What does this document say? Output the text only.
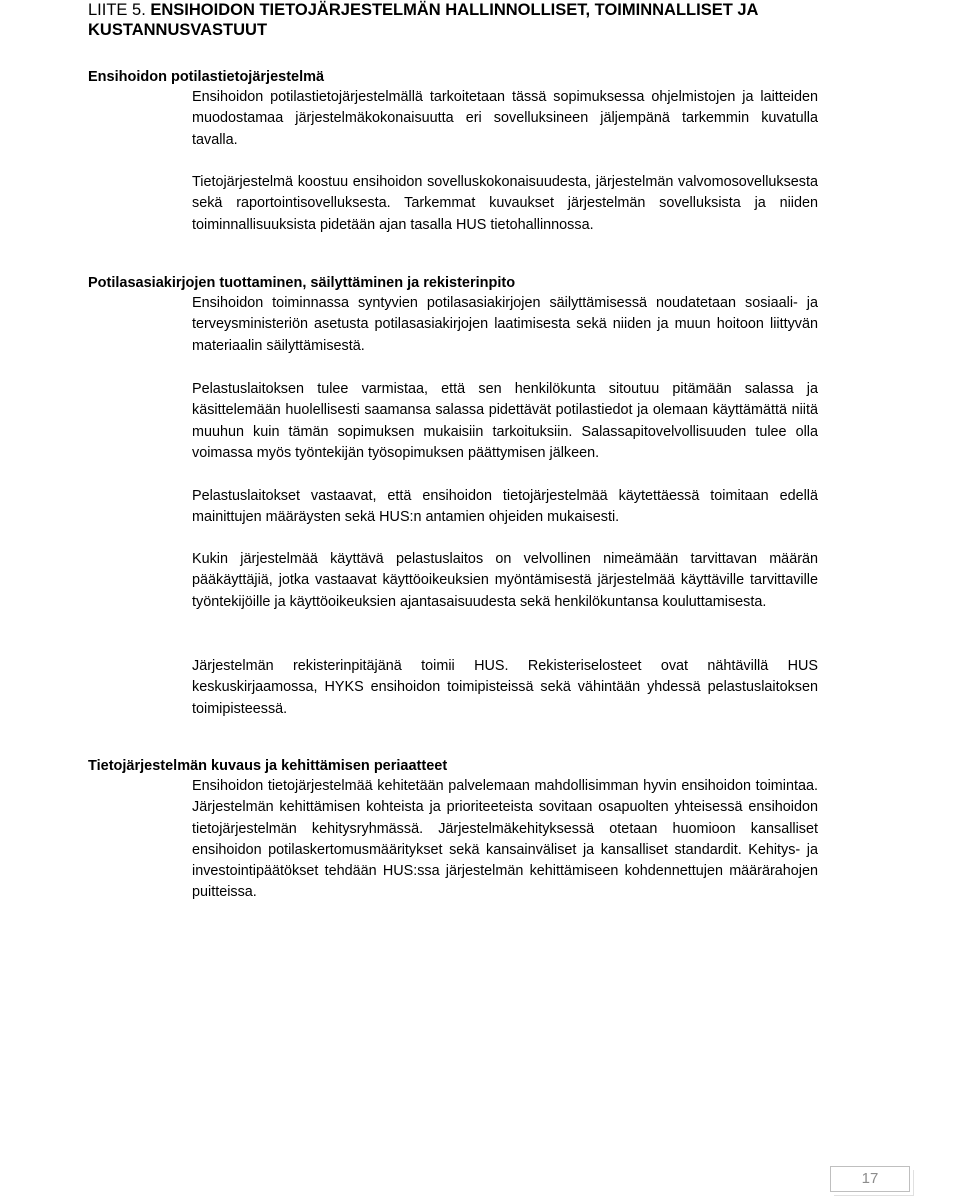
LIITE 5. ENSIHOIDON TIETOJÄRJESTELMÄN HALLINNOLLISET, TOIMINNALLISET JA KUSTANNUSVASTUUT
Ensihoidon potilastietojärjestelmä

Ensihoidon potilastietojärjestelmällä tarkoitetaan tässä sopimuksessa ohjelmistojen ja laitteiden muodostamaa järjestelmäkokonaisuutta eri sovelluksineen jäljempänä tarkemmin kuvatulla tavalla.

Tietojärjestelmä koostuu ensihoidon sovelluskokonaisuudesta, järjestelmän valvomosovelluksesta sekä raportointisovelluksesta. Tarkemmat kuvaukset järjestelmän sovelluksista ja niiden toiminnallisuuksista pidetään ajan tasalla HUS tietohallinnossa.

Potilasasiakirjojen tuottaminen, säilyttäminen ja rekisterinpito

Ensihoidon toiminnassa syntyvien potilasasiakirjojen säilyttämisessä noudatetaan sosiaali- ja terveysministeriön asetusta potilasasiakirjojen laatimisesta sekä niiden ja muun hoitoon liittyvän materiaalin säilyttämisestä.

Pelastuslaitoksen tulee varmistaa, että sen henkilökunta sitoutuu pitämään salassa ja käsittelemään huolellisesti saamansa salassa pidettävät potilastiedot ja olemaan käyttämättä niitä muuhun kuin tämän sopimuksen mukaisiin tarkoituksiin. Salassapitovelvollisuuden tulee olla voimassa myös työntekijän työsopimuksen päättymisen jälkeen.

Pelastuslaitokset vastaavat, että ensihoidon tietojärjestelmää käytettäessä toimitaan edellä mainittujen määräysten sekä HUS:n antamien ohjeiden mukaisesti.

Kukin järjestelmää käyttävä pelastuslaitos on velvollinen nimeämään tarvittavan määrän pääkäyttäjiä, jotka vastaavat käyttöoikeuksien myöntämisestä järjestelmää käyttäville tarvittaville työntekijöille ja käyttöoikeuksien ajantasaisuudesta sekä henkilökuntansa kouluttamisesta.

Järjestelmän rekisterinpitäjänä toimii HUS. Rekisteriselosteet ovat nähtävillä HUS keskuskirjaamossa, HYKS ensihoidon toimipisteissä sekä vähintään yhdessä pelastuslaitoksen toimipisteessä.

Tietojärjestelmän kuvaus ja kehittämisen periaatteet

Ensihoidon tietojärjestelmää kehitetään palvelemaan mahdollisimman hyvin ensihoidon toimintaa. Järjestelmän kehittämisen kohteista ja prioriteeteista sovitaan osapuolten yhteisessä ensihoidon tietojärjestelmän kehitysryhmässä. Järjestelmäkehityksessä otetaan huomioon kansalliset ensihoidon potilaskertomusmääritykset sekä kansainväliset ja kansalliset standardit. Kehitys- ja investointipäätökset tehdään HUS:ssa järjestelmän kehittämiseen kohdennettujen määrärahojen puitteissa.

17
